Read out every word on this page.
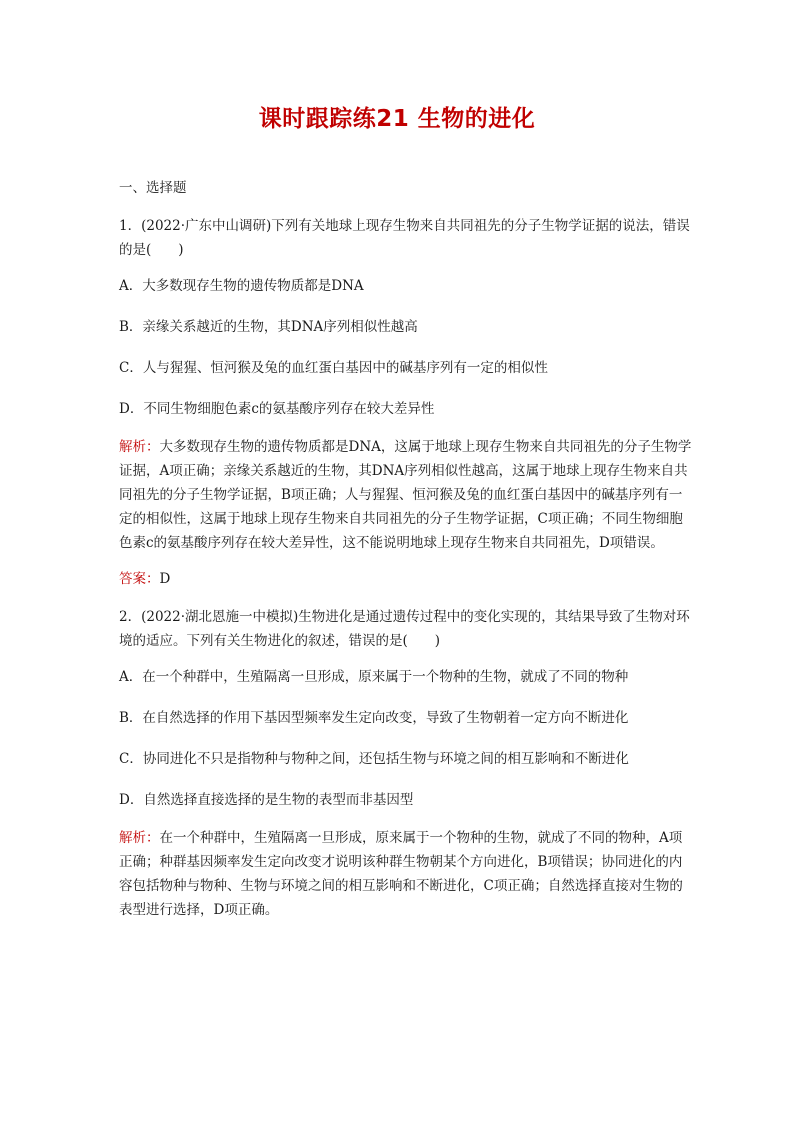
课时跟踪练21 生物的进化
一、选择题
1．(2022·广东中山调研)下列有关地球上现存生物来自共同祖先的分子生物学证据的说法，错误的是(　　)
A．大多数现存生物的遗传物质都是DNA
B．亲缘关系越近的生物，其DNA序列相似性越高
C．人与猩猩、恒河猴及兔的血红蛋白基因中的碱基序列有一定的相似性
D．不同生物细胞色素c的氨基酸序列存在较大差异性
解析：大多数现存生物的遗传物质都是DNA，这属于地球上现存生物来自共同祖先的分子生物学证据，A项正确；亲缘关系越近的生物，其DNA序列相似性越高，这属于地球上现存生物来自共同祖先的分子生物学证据，B项正确；人与猩猩、恒河猴及兔的血红蛋白基因中的碱基序列有一定的相似性，这属于地球上现存生物来自共同祖先的分子生物学证据，C项正确；不同生物细胞色素c的氨基酸序列存在较大差异性，这不能说明地球上现存生物来自共同祖先，D项错误。
答案：D
2．(2022·湖北恩施一中模拟)生物进化是通过遗传过程中的变化实现的，其结果导致了生物对环境的适应。下列有关生物进化的叙述，错误的是(　　)
A．在一个种群中，生殖隔离一旦形成，原来属于一个物种的生物，就成了不同的物种
B．在自然选择的作用下基因型频率发生定向改变，导致了生物朝着一定方向不断进化
C．协同进化不只是指物种与物种之间，还包括生物与环境之间的相互影响和不断进化
D．自然选择直接选择的是生物的表型而非基因型
解析：在一个种群中，生殖隔离一旦形成，原来属于一个物种的生物，就成了不同的物种，A项正确；种群基因频率发生定向改变才说明该种群生物朝某个方向进化，B项错误；协同进化的内容包括物种与物种、生物与环境之间的相互影响和不断进化，C项正确；自然选择直接对生物的表型进行选择，D项正确。
